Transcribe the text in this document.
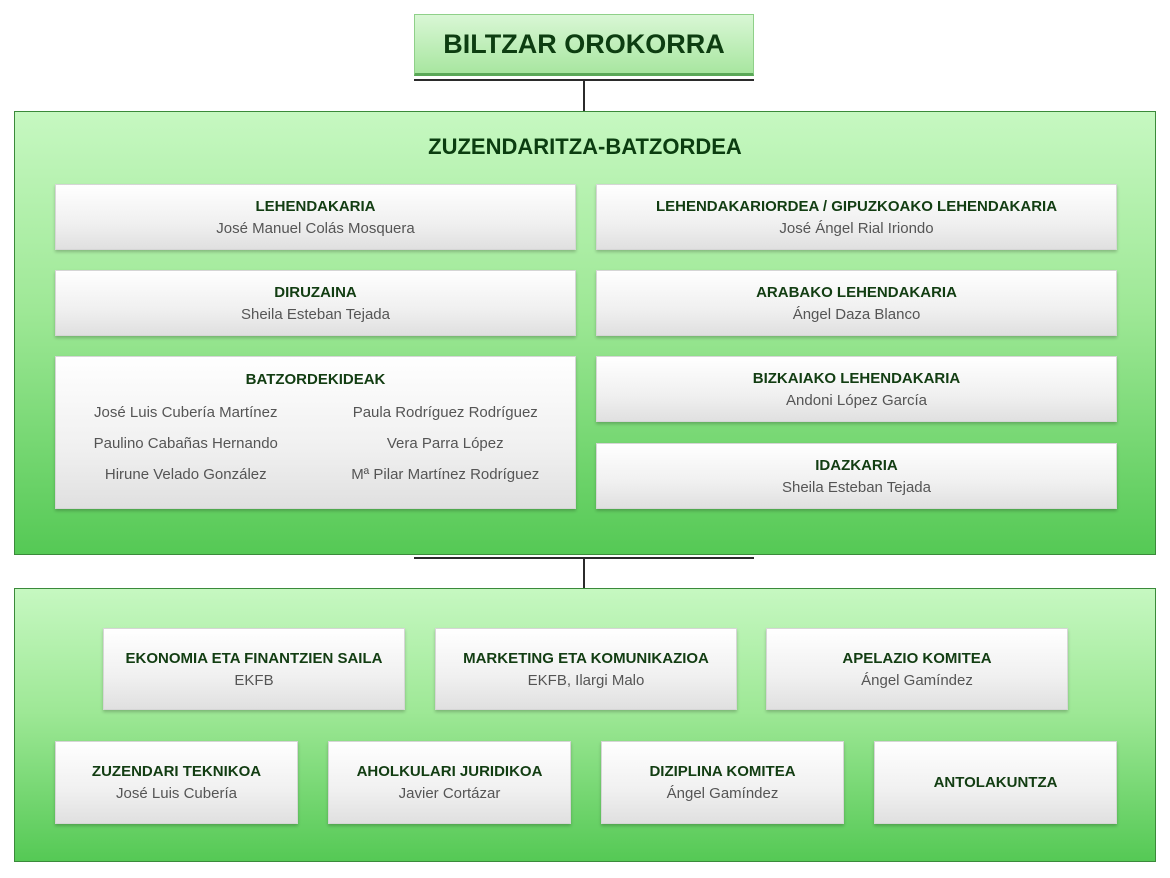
BILTZAR OROKORRA
ZUZENDARITZA-BATZORDEA
LEHENDAKARIA
José Manuel Colás Mosquera
LEHENDAKARIORDEA / GIPUZKOAKO LEHENDAKARIA
José Ángel Rial Iriondo
DIRUZAINA
Sheila Esteban Tejada
ARABAKO LEHENDAKARIA
Ángel Daza Blanco
BATZORDEKIDEAK
José Luis Cubería Martínez	Paula Rodríguez Rodríguez
Paulino Cabañas Hernando	Vera Parra López
Hirune Velado González	Mª Pilar Martínez Rodríguez
BIZKAIAKO LEHENDAKARIA
Andoni López García
IDAZKARIA
Sheila Esteban Tejada
EKONOMIA ETA FINANTZIEN SAILA
EKFB
MARKETING ETA KOMUNIKAZIOA
EKFB, Ilargi Malo
APELAZIO KOMITEA
Ángel Gamíndez
ZUZENDARI TEKNIKOA
José Luis Cubería
AHOLKULARI JURIDIKOA
Javier Cortázar
DIZIPLINA KOMITEA
Ángel Gamíndez
ANTOLAKUNTZA
